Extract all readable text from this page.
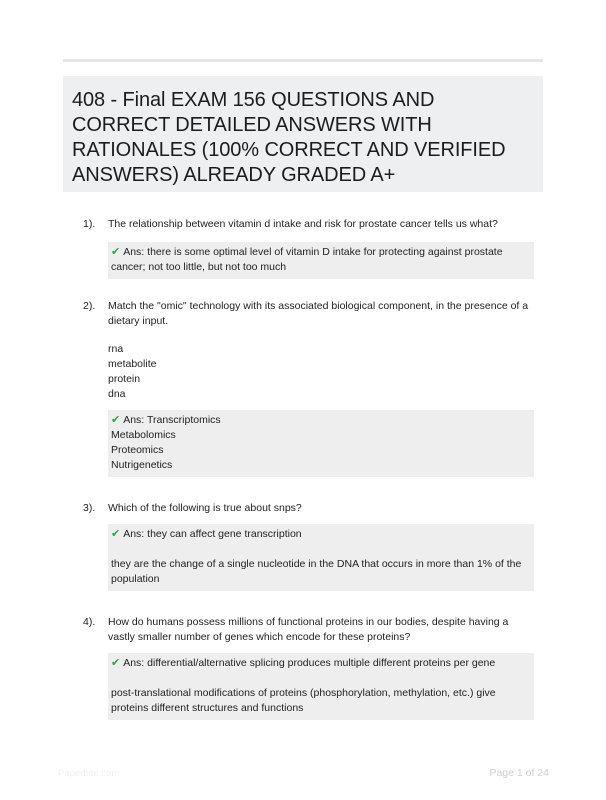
408 - Final EXAM 156 QUESTIONS AND CORRECT DETAILED ANSWERS WITH RATIONALES (100% CORRECT AND VERIFIED ANSWERS) ALREADY GRADED A+
1). The relationship between vitamin d intake and risk for prostate cancer tells us what?

✔ Ans: there is some optimal level of vitamin D intake for protecting against prostate cancer; not too little, but not too much
2). Match the "omic" technology with its associated biological component, in the presence of a dietary input.

rna
metabolite
protein
dna
✔ Ans: Transcriptomics
Metabolomics
Proteomics
Nutrigenetics
3). Which of the following is true about snps?

✔ Ans: they can affect gene transcription
they are the change of a single nucleotide in the DNA that occurs in more than 1% of the population
4). How do humans possess millions of functional proteins in our bodies, despite having a vastly smaller number of genes which encode for these proteins?

✔ Ans: differential/alternative splicing produces multiple different proteins per gene
post-translational modifications of proteins (phosphorylation, methylation, etc.) give proteins different structures and functions
Paperbite.com	Page 1 of 24
